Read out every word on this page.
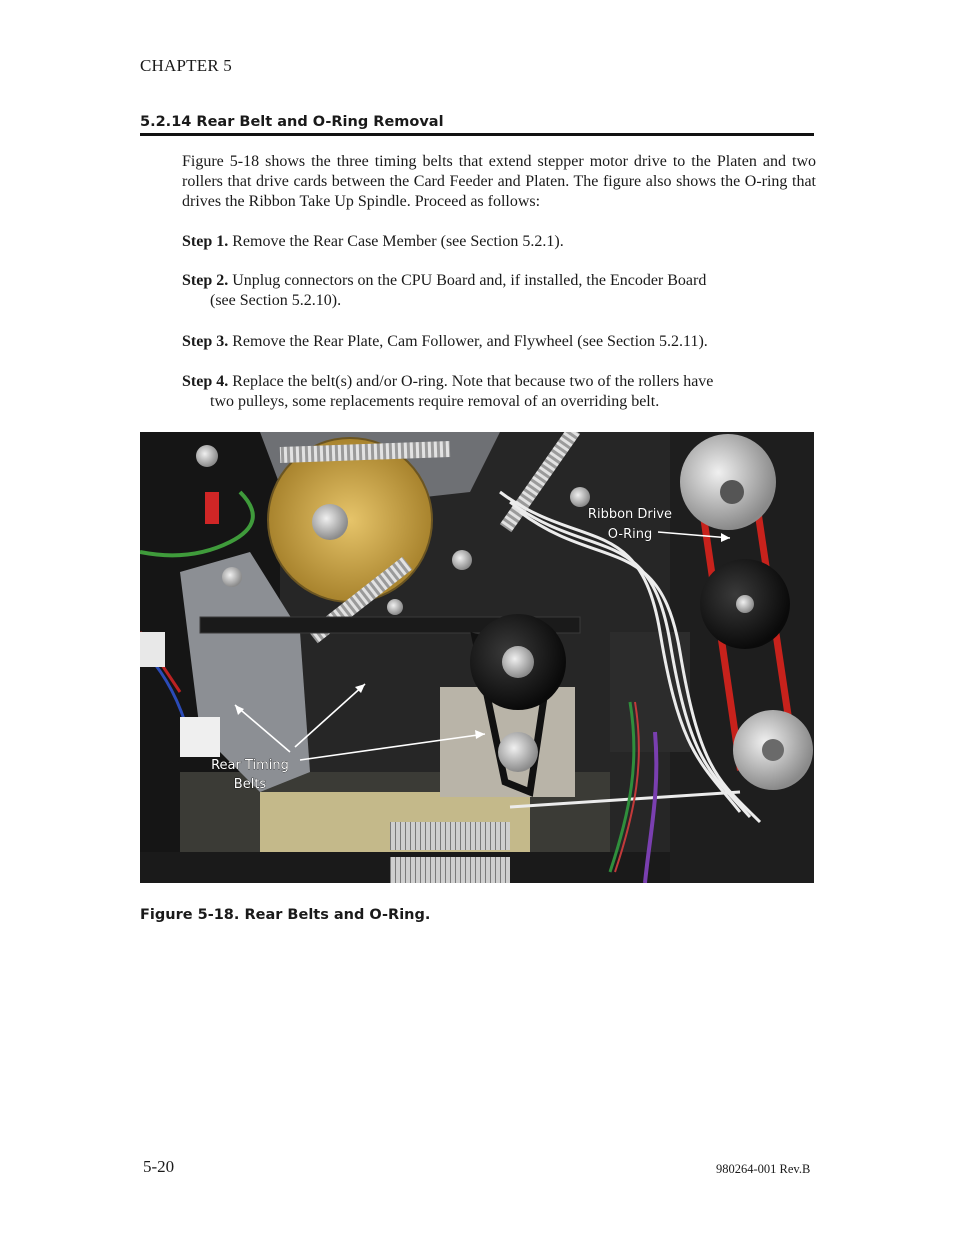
CHAPTER 5
5.2.14 Rear Belt and O-Ring Removal
Figure 5-18 shows the three timing belts that extend stepper motor drive to the Platen and two rollers that drive cards between the Card Feeder and Platen. The figure also shows the O-ring that drives the Ribbon Take Up Spindle. Proceed as follows:
Step 1. Remove the Rear Case Member (see Section 5.2.1).
Step 2. Unplug connectors on the CPU Board and, if installed, the Encoder Board
(see Section 5.2.10).
Step 3. Remove the Rear Plate, Cam Follower, and Flywheel (see Section 5.2.11).
Step 4. Replace the belt(s) and/or O-ring. Note that because two of the rollers have
two pulleys, some replacements require removal of an overriding belt.
Ribbon Drive
O-Ring
Rear Timing
Belts
Figure 5-18. Rear Belts and O-Ring.
5-20	980264-001 Rev.B
